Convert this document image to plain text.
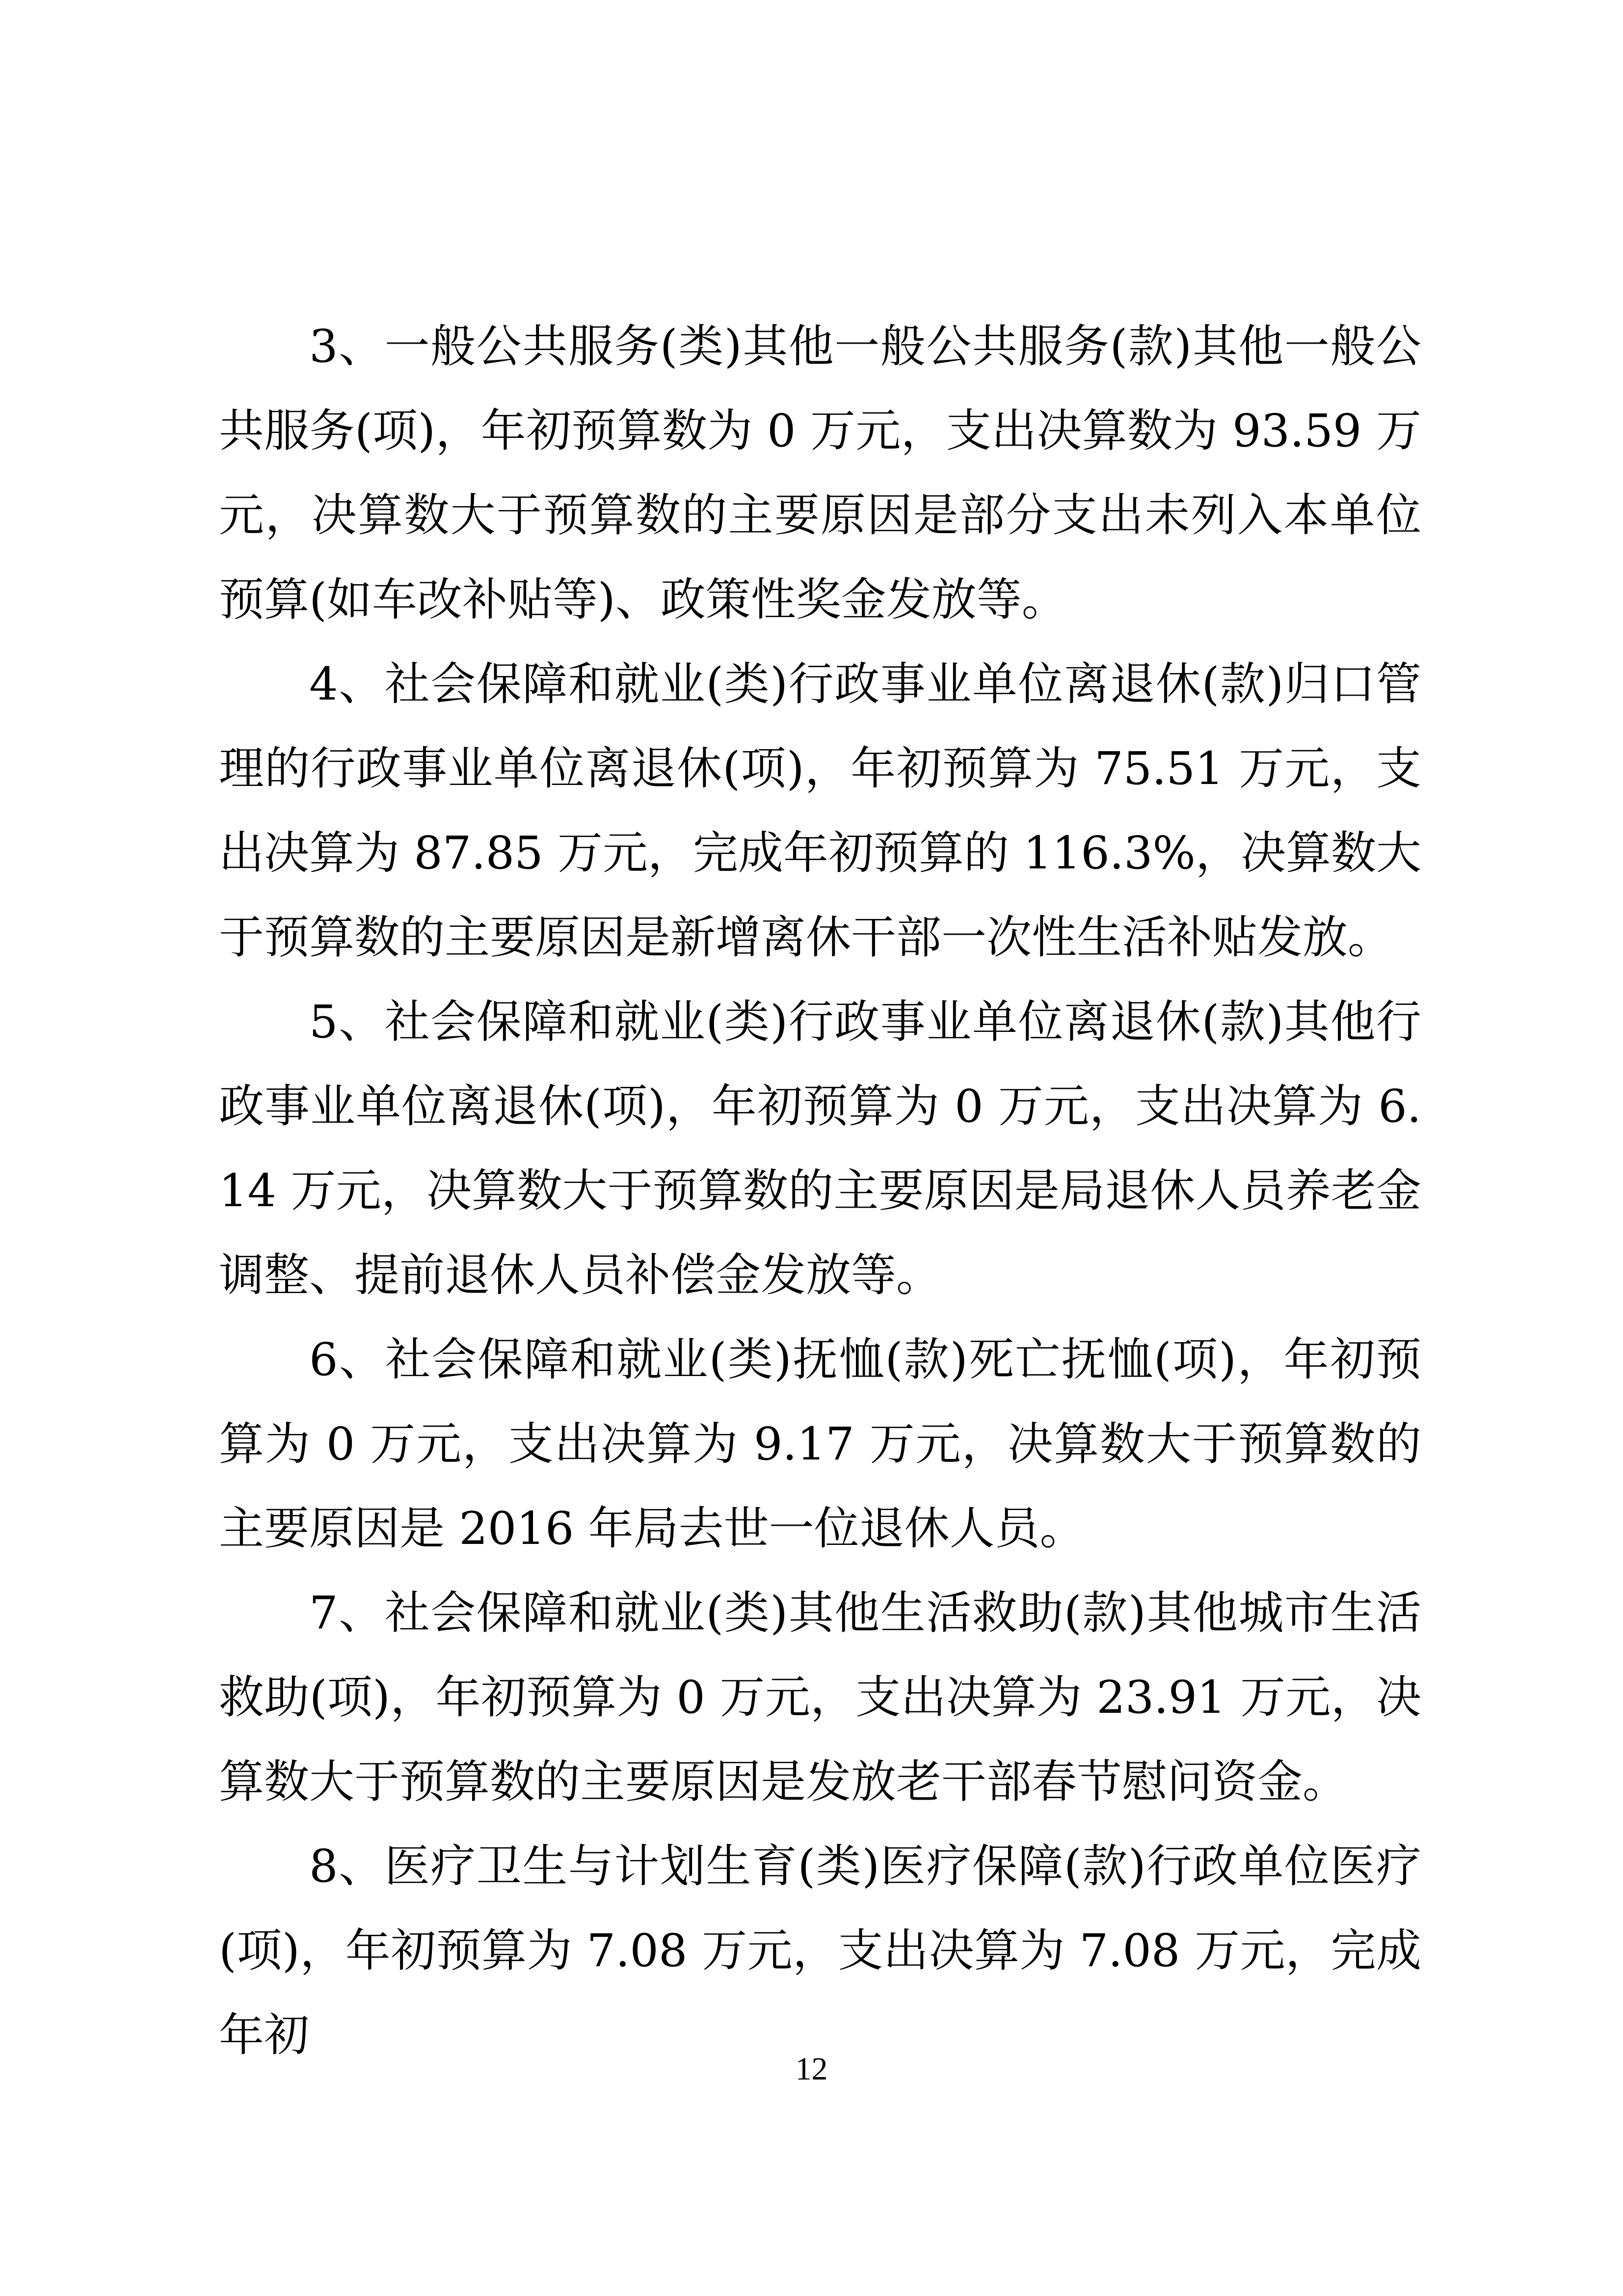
3、一般公共服务(类)其他一般公共服务(款)其他一般公共服务(项)，年初预算数为 0 万元，支出决算数为 93.59 万元，决算数大于预算数的主要原因是部分支出未列入本单位预算(如车改补贴等)、政策性奖金发放等。

4、社会保障和就业(类)行政事业单位离退休(款)归口管理的行政事业单位离退休(项)，年初预算为 75.51 万元，支出决算为 87.85 万元，完成年初预算的 116.3%，决算数大于预算数的主要原因是新增离休干部一次性生活补贴发放。

5、社会保障和就业(类)行政事业单位离退休(款)其他行政事业单位离退休(项)，年初预算为 0 万元，支出决算为 6.14 万元，决算数大于预算数的主要原因是局退休人员养老金调整、提前退休人员补偿金发放等。

6、社会保障和就业(类)抚恤(款)死亡抚恤(项)，年初预算为 0 万元，支出决算为 9.17 万元，决算数大于预算数的主要原因是 2016 年局去世一位退休人员。

7、社会保障和就业(类)其他生活救助(款)其他城市生活救助(项)，年初预算为 0 万元，支出决算为 23.91 万元，决算数大于预算数的主要原因是发放老干部春节慰问资金。

8、医疗卫生与计划生育(类)医疗保障(款)行政单位医疗(项)，年初预算为 7.08 万元，支出决算为 7.08 万元，完成年初

12
